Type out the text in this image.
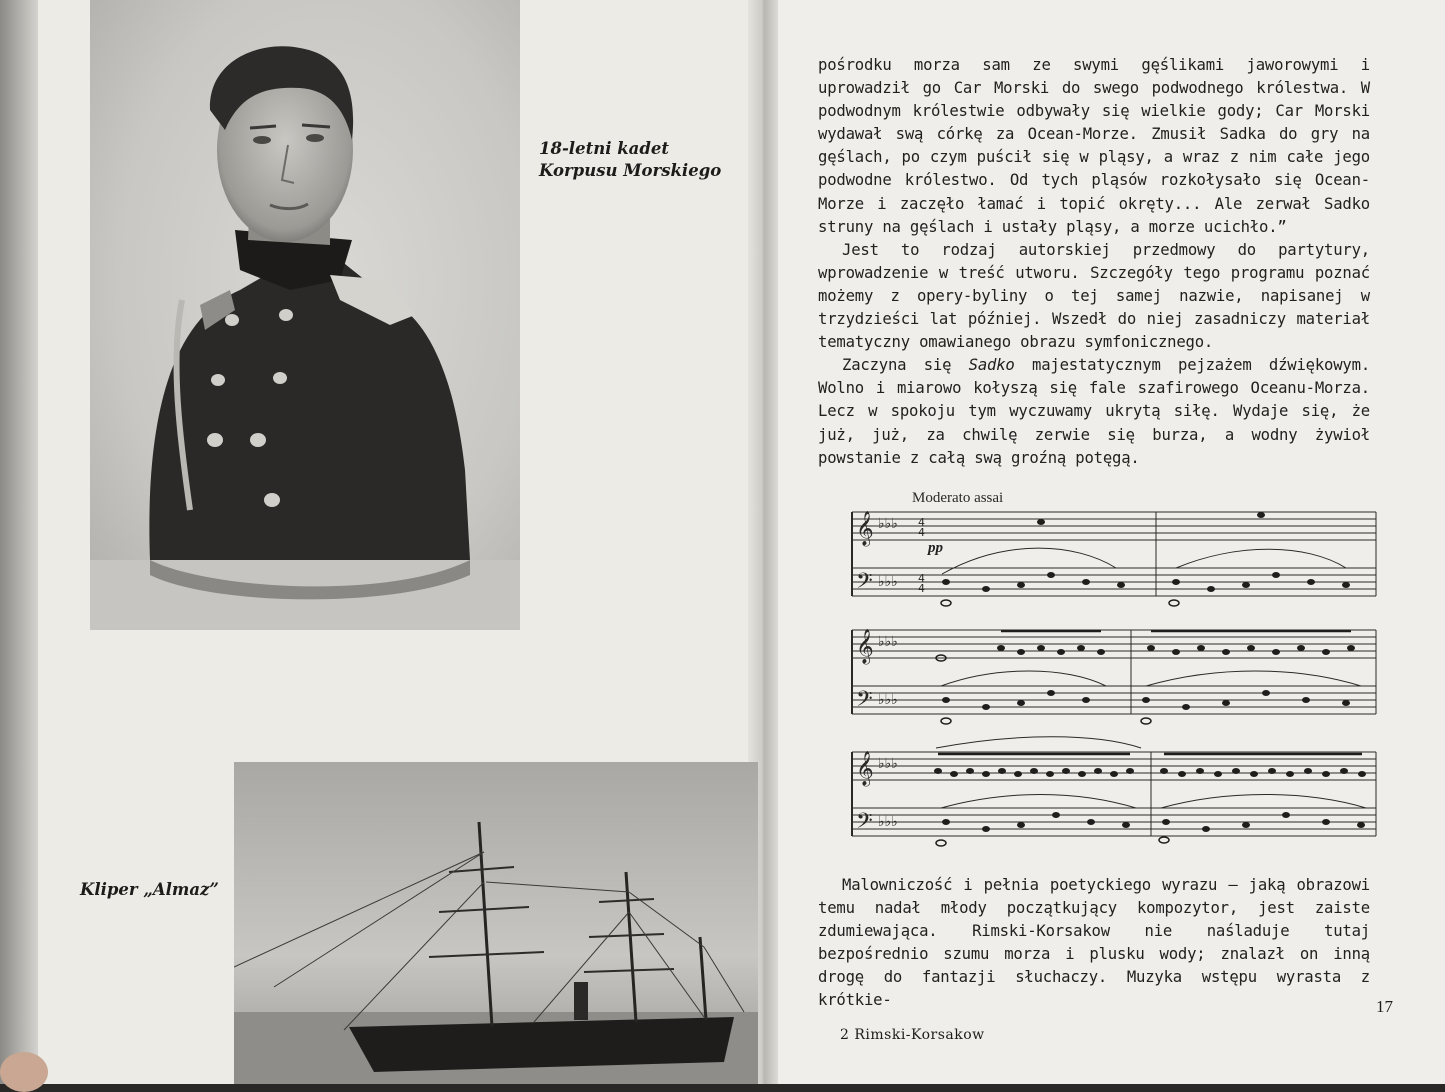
18-letni kadet
Korpusu Morskiego
Kliper „Almaz”

pośrodku morza sam ze swymi gęślikami jaworowymi i uprowadził go Car Morski do swego podwodnego królestwa. W podwodnym królestwie odbywały się wielkie gody; Car Morski wydawał swą córkę za Ocean-Morze. Zmusił Sadka do gry na gęślach, po czym puścił się w pląsy, a wraz z nim całe jego podwodne królestwo. Od tych pląsów rozkołysało się Ocean-Morze i zaczęło łamać i topić okręty... Ale zerwał Sadko struny na gęślach i ustały pląsy, a morze ucichło.”

Jest to rodzaj autorskiej przedmowy do partytury, wprowadzenie w treść utworu. Szczegóły tego programu poznać możemy z opery-byliny o tej samej nazwie, napisanej w trzydzieści lat później. Wszedł do niej zasadniczy materiał tematyczny omawianego obrazu symfonicznego.

Zaczyna się Sadko majestatycznym pejzażem dźwiękowym. Wolno i miarowo kołyszą się fale szafirowego Oceanu-Morza. Lecz w spokoju tym wyczuwamy ukrytą siłę. Wydaje się, że już, już, za chwilę zerwie się burza, a wodny żywioł powstanie z całą swą groźną potęgą.

Moderato assai
pp
𝄞
𝄢
♭♭♭
♭♭♭
4
4
4
4
𝄞
𝄢
♭♭♭
♭♭♭
𝄞
𝄢
♭♭♭
♭♭♭

Malowniczość i pełnia poetyckiego wyrazu — jaką obrazowi temu nadał młody początkujący kompozytor, jest zaiste zdumiewająca. Rimski-Korsakow nie naśladuje tutaj bezpośrednio szumu morza i plusku wody; znalazł on inną drogę do fantazji słuchaczy. Muzyka wstępu wyrasta z krótkie-	17
2 Rimski-Korsakow
